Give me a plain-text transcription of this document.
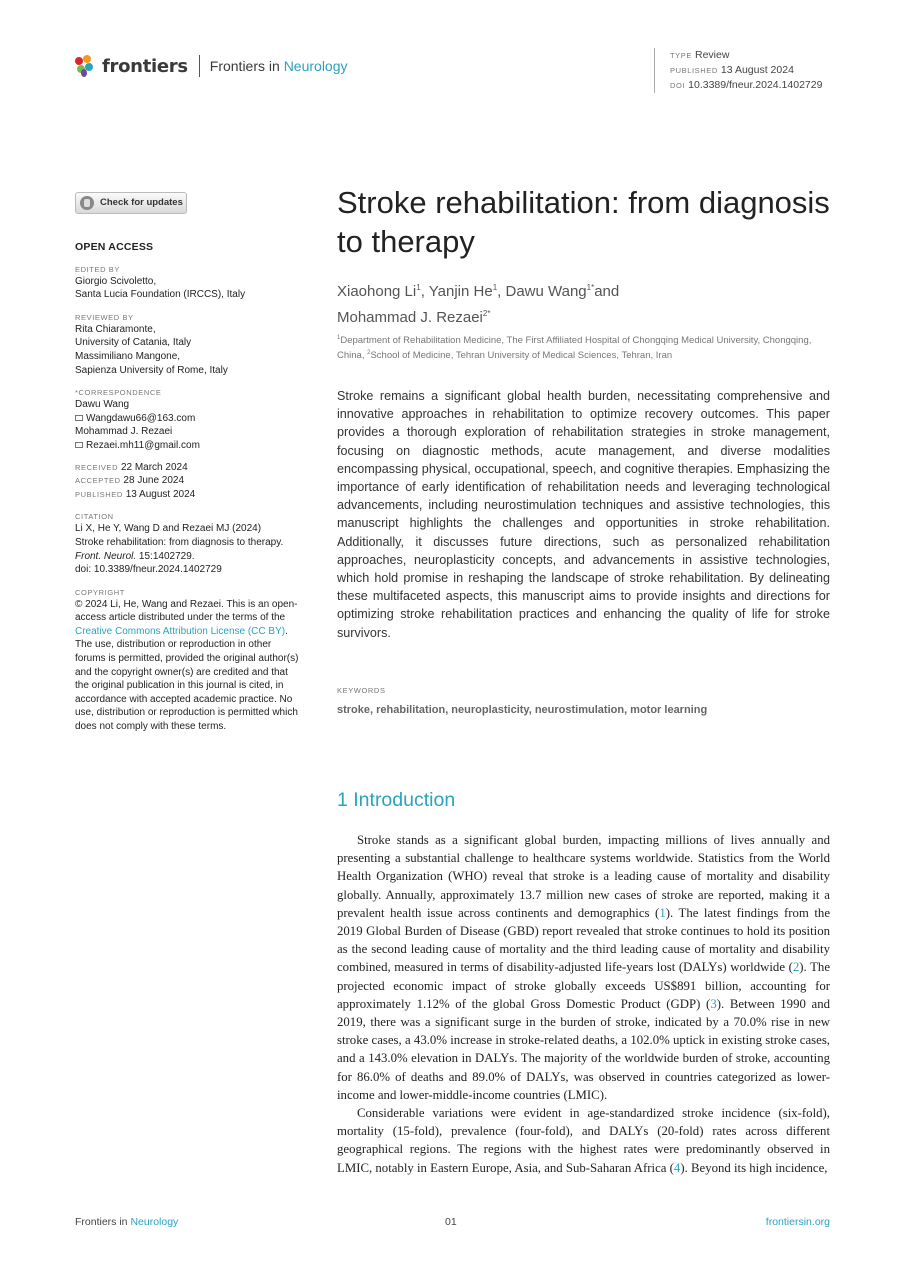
frontiers Frontiers in Neurology
TYPE Review
PUBLISHED 13 August 2024
DOI 10.3389/fneur.2024.1402729
Check for updates
OPEN ACCESS
EDITED BY
Giorgio Scivoletto,
Santa Lucia Foundation (IRCCS), Italy
REVIEWED BY
Rita Chiaramonte,
University of Catania, Italy
Massimiliano Mangone,
Sapienza University of Rome, Italy
*CORRESPONDENCE
Dawu Wang
Wangdawu66@163.com
Mohammad J. Rezaei
Rezaei.mh11@gmail.com
RECEIVED 22 March 2024
ACCEPTED 28 June 2024
PUBLISHED 13 August 2024
CITATION
Li X, He Y, Wang D and Rezaei MJ (2024)
Stroke rehabilitation: from diagnosis to therapy.
Front. Neurol. 15:1402729.
doi: 10.3389/fneur.2024.1402729
COPYRIGHT
© 2024 Li, He, Wang and Rezaei. This is an open-access article distributed under the terms of the Creative Commons Attribution License (CC BY). The use, distribution or reproduction in other forums is permitted, provided the original author(s) and the copyright owner(s) are credited and that the original publication in this journal is cited, in accordance with accepted academic practice. No use, distribution or reproduction is permitted which does not comply with these terms.
Stroke rehabilitation: from diagnosis to therapy
Xiaohong Li$^1$, Yanjin He$^1$, Dawu Wang$^{1*}$and
Mohammad J. Rezaei$^{2*}$
$^1$Department of Rehabilitation Medicine, The First Affiliated Hospital of Chongqing Medical University, Chongqing, China, $^2$School of Medicine, Tehran University of Medical Sciences, Tehran, Iran

Stroke remains a significant global health burden, necessitating comprehensive and innovative approaches in rehabilitation to optimize recovery outcomes. This paper provides a thorough exploration of rehabilitation strategies in stroke management, focusing on diagnostic methods, acute management, and diverse modalities encompassing physical, occupational, speech, and cognitive therapies. Emphasizing the importance of early identification of rehabilitation needs and leveraging technological advancements, including neurostimulation techniques and assistive technologies, this manuscript highlights the challenges and opportunities in stroke rehabilitation. Additionally, it discusses future directions, such as personalized rehabilitation approaches, neuroplasticity concepts, and advancements in assistive technologies, which hold promise in reshaping the landscape of stroke rehabilitation. By delineating these multifaceted aspects, this manuscript aims to provide insights and directions for optimizing stroke rehabilitation practices and enhancing the quality of life for stroke survivors.

KEYWORDS
stroke, rehabilitation, neuroplasticity, neurostimulation, motor learning
1 Introduction

Stroke stands as a significant global burden, impacting millions of lives annually and presenting a substantial challenge to healthcare systems worldwide. Statistics from the World Health Organization (WHO) reveal that stroke is a leading cause of mortality and disability globally. Annually, approximately 13.7 million new cases of stroke are reported, making it a prevalent health issue across continents and demographics (1). The latest findings from the 2019 Global Burden of Disease (GBD) report revealed that stroke continues to hold its position as the second leading cause of mortality and the third leading cause of mortality and disability combined, measured in terms of disability-adjusted life-years lost (DALYs) worldwide (2). The projected economic impact of stroke globally exceeds US$891 billion, accounting for approximately 1.12% of the global Gross Domestic Product (GDP) (3). Between 1990 and 2019, there was a significant surge in the burden of stroke, indicated by a 70.0% rise in new stroke cases, a 43.0% increase in stroke-related deaths, a 102.0% uptick in existing stroke cases, and a 143.0% elevation in DALYs. The majority of the worldwide burden of stroke, accounting for 86.0% of deaths and 89.0% of DALYs, was observed in countries categorized as lower-income and lower-middle-income countries (LMIC).

Considerable variations were evident in age-standardized stroke incidence (six-fold), mortality (15-fold), prevalence (four-fold), and DALYs (20-fold) rates across different geographical regions. The regions with the highest rates were predominantly observed in LMIC, notably in Eastern Europe, Asia, and Sub-Saharan Africa (4). Beyond its high incidence,

Frontiers in Neurology	01	frontiersin.org
